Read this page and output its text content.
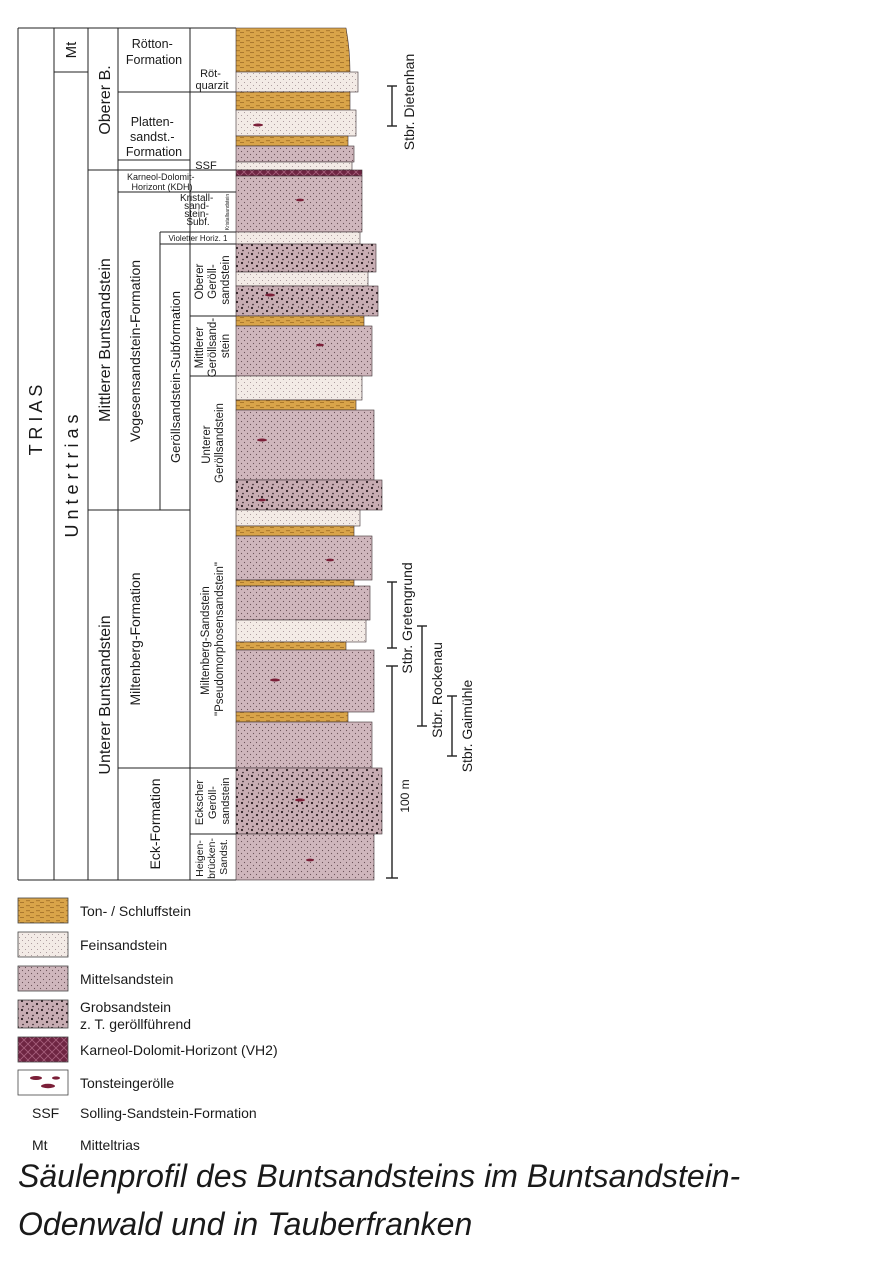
T R I A S
Mt
U n t e r t r i a s
Oberer B.
Mittlerer Buntsandstein
Unterer Buntsandstein
Rötton- Formation
Platten- sandst.- Formation
SSF
Karneol-Dolomit- Horizont (KDH)
Vogesensandstein-Formation
Miltenberg-Formation
Eck-Formation
Röt- quarzit
Kristall- sand- stein- Subf.	Kristallsandstein
Violetter Horiz. 1
Geröllsandstein-Subformation
Oberer Geröll- sandstein
Mittlerer Geröllsand- stein
Unterer Geröllsandstein
Miltenberg-Sandstein "Pseudomorphosensandstein"
Eckscher Geröll- sandstein
Heigen- brücken- Sandst.
Stbr. Dietenhan
Stbr. Gretengrund
Stbr. Rockenau Stbr. Gaimühle
100 m
Ton- / Schluffstein
Feinsandstein
Mittelsandstein
Grobsandstein z. T. geröllführend
Karneol-Dolomit-Horizont (VH2)
Tonsteingerölle
SSF Solling-Sandstein-Formation
Mt Mitteltrias
Säulenprofil des Buntsandsteins im Buntsandstein-Odenwald und in Tauberfranken
